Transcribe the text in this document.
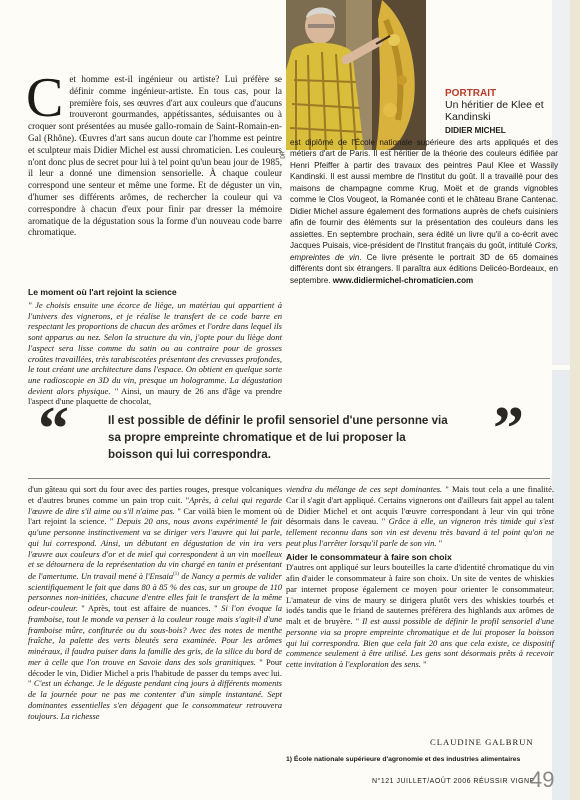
DR
Cet homme est-il ingénieur ou artiste? Lui préfère se définir comme ingénieur-artiste. En tous cas, pour la première fois, ses œuvres d'art aux couleurs que d'aucuns trouveront gourmandes, appétissantes, séduisantes ou à croquer sont présentées au musée gallo-romain de Saint-Romain-en-Gal (Rhône). Œuvres d'art sans aucun doute car l'homme est peintre et sculpteur mais Didier Michel est aussi chromaticien. Les couleurs n'ont donc plus de secret pour lui à tel point qu'un beau jour de 1985, il leur a donné une dimension sensorielle. À chaque couleur correspond une senteur et même une forme. Et de déguster un vin, d'humer ses différents arômes, de rechercher la couleur qui va correspondre à chacun d'eux pour finir par dresser la mémoire aromatique de la dégustation sous la forme d'un nouveau code barre chromatique.
Le moment où l'art rejoint la science
" Je choisis ensuite une écorce de liège, un matériau qui appartient à l'univers des vignerons, et je réalise le transfert de ce code barre en respectant les proportions de chacun des arômes et l'ordre dans lequel ils sont apparus au nez. Selon la structure du vin, j'opte pour du liège dont l'aspect sera lisse comme du satin ou au contraire pour de grosses croûtes travaillées, très tarabiscotées présentant des crevasses profondes, le tout créant une architecture dans l'espace. On obtient en quelque sorte une radioscopie en 3D du vin, presque un hologramme. La dégustation devient alors physique. " Ainsi, un maury de 26 ans d'âge va prendre l'aspect d'une plaquette de chocolat,
PORTRAIT
Un héritier de Klee et Kandinski
DIDIER MICHEL
est diplômé de l'École nationale supérieure des arts appliqués et des métiers d'art de Paris. Il est héritier de la théorie des couleurs édifiée par Henri Pfeiffer à partir des travaux des peintres Paul Klee et Wassily Kandinski. Il est aussi membre de l'Institut du goût. Il a travaillé pour des maisons de champagne comme Krug, Moët et de grands vignobles comme le Clos Vougeot, la Romanée conti et le château Brane Cantenac. Didier Michel assure également des formations auprès de chefs cuisiniers afin de fournir des éléments sur la présentation des couleurs dans les assiettes. En septembre prochain, sera édité un livre qu'il a co-écrit avec Jacques Puisais, vice-président de l'Institut français du goût, intitulé Corks, empreintes de vin. Ce livre présente le portrait 3D de 65 domaines différents dont six étrangers. Il paraîtra aux éditions Delicéo-Bordeaux, en septembre. www.didiermichel-chromaticien.com
“	Il est possible de définir le profil sensoriel d'une personne via sa propre empreinte chromatique et de lui proposer la boisson qui lui correspondra.	”
d'un gâteau qui sort du four avec des parties rouges, presque volcaniques et d'autres brunes comme un pain trop cuit. "Après, à celui qui regarde l'œuvre de dire s'il aime ou s'il n'aime pas. " Car voilà bien le moment où l'art rejoint la science. " Depuis 20 ans, nous avons expérimenté le fait qu'une personne instinctivement va se diriger vers l'œuvre qui lui parle, qui lui correspond. Ainsi, un débutant en dégustation de vin ira vers l'œuvre aux couleurs d'or et de miel qui correspondent à un vin moelleux et se détournera de la représentation du vin chargé en tanin et présentant de l'amertume. Un travail mené à l'Ensaia$^{(1)}$ de Nancy a permis de valider scientifiquement le fait que dans 80 à 85 % des cas, sur un groupe de 110 personnes non-initiées, chacune d'entre elles fait le transfert de la même odeur-couleur. " Après, tout est affaire de nuances. " Si l'on évoque la framboise, tout le monde va penser à la couleur rouge mais s'agit-il d'une framboise mûre, confiturée ou du sous-bois? Avec des notes de menthe fraîche, la palette des verts bleutés sera examinée. Pour les arômes minéraux, il faudra puiser dans la famille des gris, de la silice du bord de mer à celle que l'on trouve en Savoie dans des sols granitiques. " Pour décoder le vin, Didier Michel a pris l'habitude de passer du temps avec lui. " C'est un échange. Je le déguste pendant cinq jours à différents moments de la journée pour ne pas me contenter d'un simple instantané. Sept dominantes essentielles s'en dégagent que le consommateur retrouvera toujours. La richesse
viendra du mélange de ces sept dominantes. " Mais tout cela a une finalité. Car il s'agit d'art appliqué. Certains vignerons ont d'ailleurs fait appel au talent de Didier Michel et ont acquis l'œuvre correspondant à leur vin qui trône désormais dans le caveau. " Grâce à elle, un vigneron très timide qui s'est tellement reconnu dans son vin est devenu très bavard à tel point qu'on ne peut plus l'arrêter lorsqu'il parle de son vin. "
Aider le consommateur à faire son choix
D'autres ont appliqué sur leurs bouteilles la carte d'identité chromatique du vin afin d'aider le consommateur à faire son choix. Un site de ventes de whiskies par internet propose également ce moyen pour orienter le consommateur. L'amateur de vins de maury se dirigera plutôt vers des whiskies tourbés et iodés tandis que le friand de sauternes préférera des highlands aux arômes de malt et de bruyère. " Il est aussi possible de définir le profil sensoriel d'une personne via sa propre empreinte chromatique et de lui proposer la boisson qui lui correspondra. Bien que cela fait 20 ans que cela existe, ce dispositif commence seulement à être utilisé. Les gens sont désormais prêts à recevoir cette invitation à l'exploration des sens. "
CLAUDINE GALBRUN
1) École nationale supérieure d'agronomie et des industries alimentaires
N°121 JUILLET/AOÛT 2006 RÉUSSIR VIGNE
49
